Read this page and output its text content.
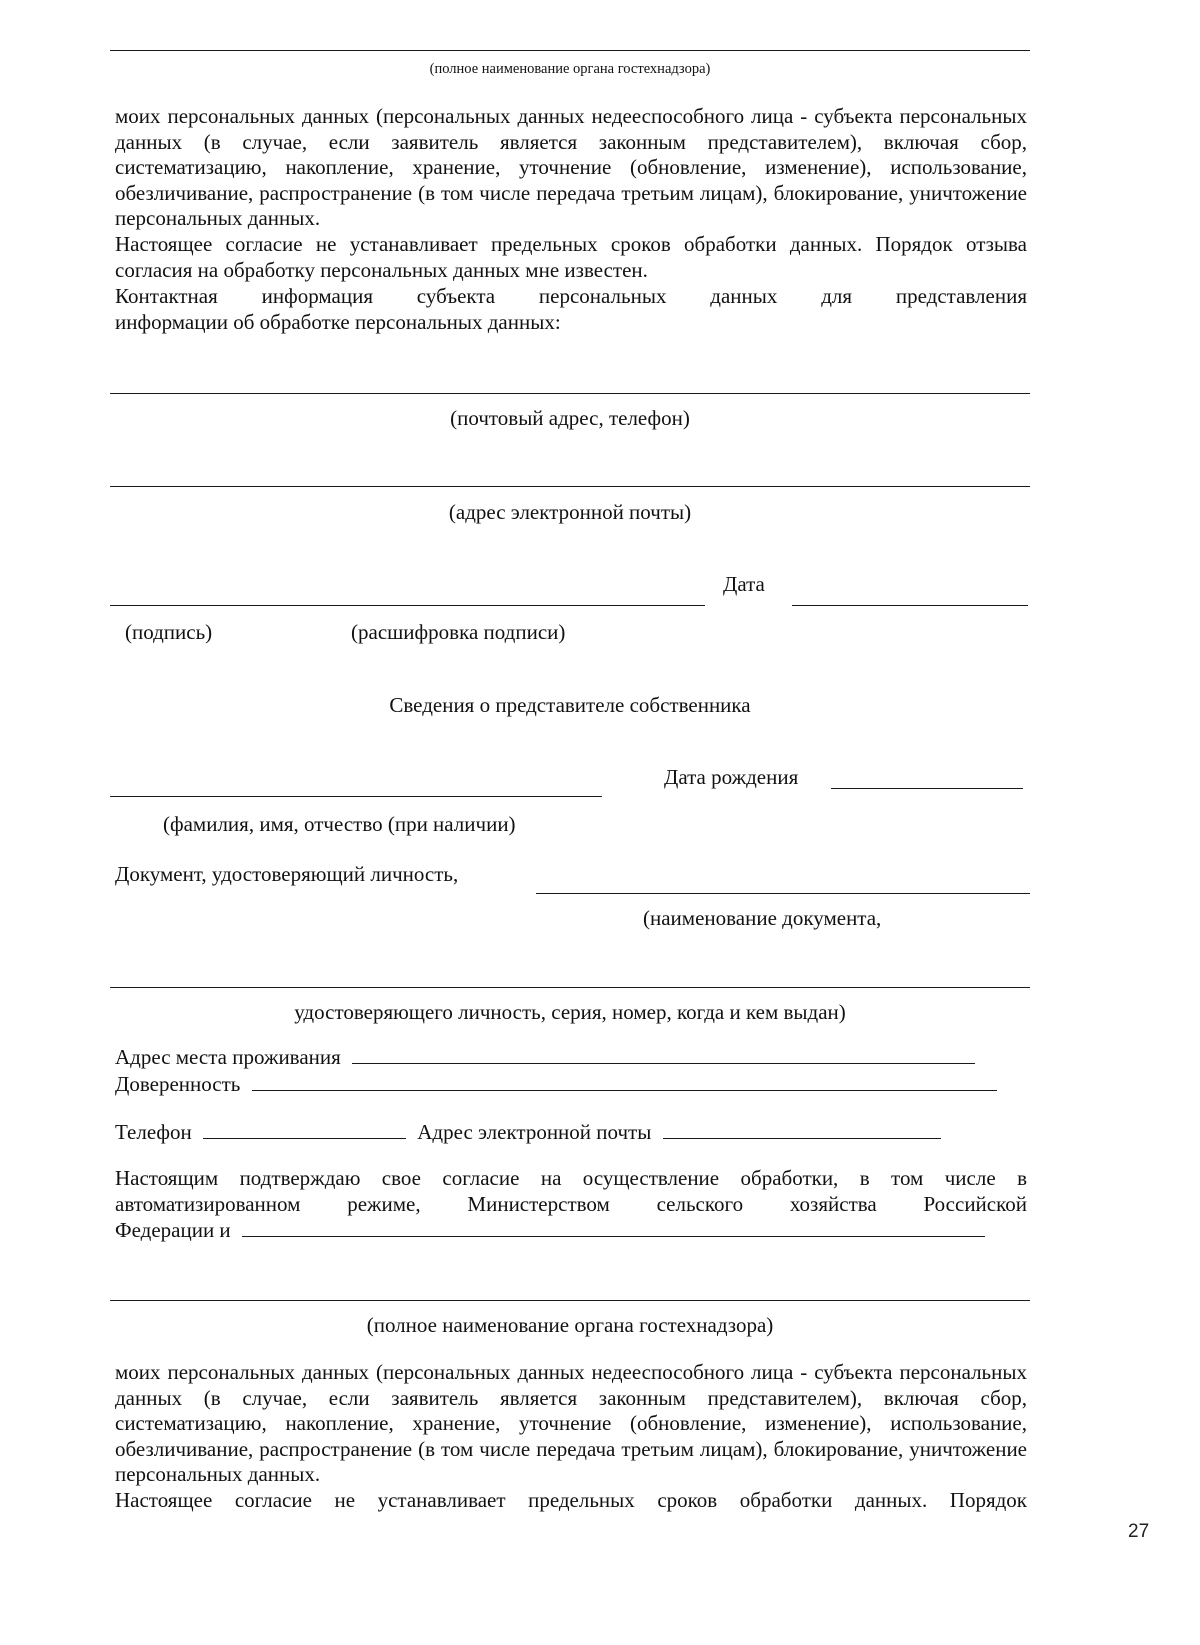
(полное наименование органа гостехнадзора)

моих персональных данных (персональных данных недееспособного лица - субъекта персональных данных (в случае, если заявитель является законным представителем), включая сбор, систематизацию, накопление, хранение, уточнение (обновление, изменение), использование, обезличивание, распространение (в том числе передача третьим лицам), блокирование, уничтожение персональных данных.

Настоящее согласие не устанавливает предельных сроков обработки данных. Порядок отзыва согласия на обработку персональных данных мне известен.

Контактная информация субъекта персональных данных для представления

информации об обработке персональных данных:

(почтовый адрес, телефон)
(адрес электронной почты)
Дата
(подпись)	(расшифровка подписи)
Сведения о представителе собственника
Дата рождения
(фамилия, имя, отчество (при наличии)
Документ, удостоверяющий личность,
(наименование документа,
удостоверяющего личность, серия, номер, когда и кем выдан)
Адрес места проживания
Доверенность
Телефон	Адрес электронной почты

Настоящим подтверждаю свое согласие на осуществление обработки, в том числе в

автоматизированном режиме, Министерством сельского хозяйства Российской

Федерации и
(полное наименование органа гостехнадзора)

моих персональных данных (персональных данных недееспособного лица - субъекта персональных данных (в случае, если заявитель является законным представителем), включая сбор, систематизацию, накопление, хранение, уточнение (обновление, изменение), использование, обезличивание, распространение (в том числе передача третьим лицам), блокирование, уничтожение персональных данных.

Настоящее согласие не устанавливает предельных сроков обработки данных. Порядок

27
